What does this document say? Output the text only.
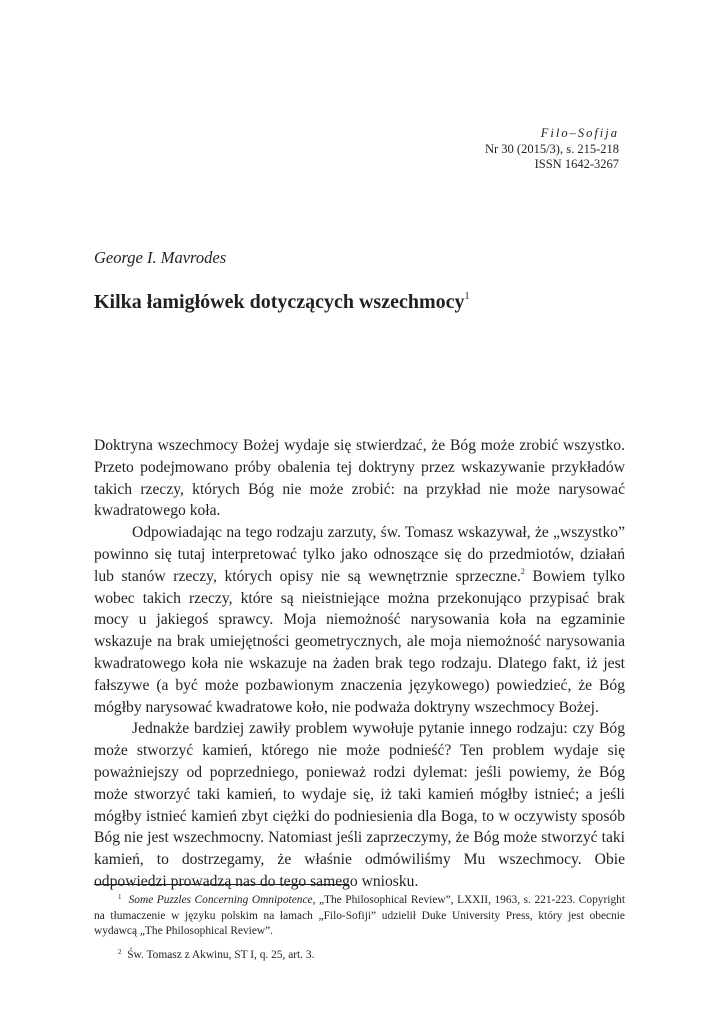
Filo–Sofija
Nr 30 (2015/3), s. 215-218
ISSN 1642-3267
George I. Mavrodes
Kilka łamigłówek dotyczących wszechmocy$^1$

Doktryna wszechmocy Bożej wydaje się stwierdzać, że Bóg może zrobić wszystko. Przeto podejmowano próby obalenia tej doktryny przez wskazywanie przykładów takich rzeczy, których Bóg nie może zrobić: na przykład nie może narysować kwadratowego koła.

Odpowiadając na tego rodzaju zarzuty, św. Tomasz wskazywał, że „wszystko” powinno się tutaj interpretować tylko jako odnoszące się do przedmiotów, działań lub stanów rzeczy, których opisy nie są wewnętrznie sprzeczne.$^2$ Bowiem tylko wobec takich rzeczy, które są nieistniejące można przekonująco przypisać brak mocy u jakiegoś sprawcy. Moja niemożność narysowania koła na egzaminie wskazuje na brak umiejętności geometrycznych, ale moja niemożność narysowania kwadratowego koła nie wskazuje na żaden brak tego rodzaju. Dlatego fakt, iż jest fałszywe (a być może pozbawionym znaczenia językowego) powiedzieć, że Bóg mógłby narysować kwadratowe koło, nie podważa doktryny wszechmocy Bożej.

Jednakże bardziej zawiły problem wywołuje pytanie innego rodzaju: czy Bóg może stworzyć kamień, którego nie może podnieść? Ten problem wydaje się poważniejszy od poprzedniego, ponieważ rodzi dylemat: jeśli powiemy, że Bóg może stworzyć taki kamień, to wydaje się, iż taki kamień mógłby istnieć; a jeśli mógłby istnieć kamień zbyt ciężki do podniesienia dla Boga, to w oczywisty sposób Bóg nie jest wszechmocny. Natomiast jeśli zaprzeczymy, że Bóg może stworzyć taki kamień, to dostrzegamy, że właśnie odmówiliśmy Mu wszechmocy. Obie odpowiedzi prowadzą nas do tego samego wniosku.

$^1$ Some Puzzles Concerning Omnipotence, „The Philosophical Review”, LXXII, 1963, s. 221-223. Copyright na tłumaczenie w języku polskim na łamach „Filo-Sofiji” udzielił Duke University Press, który jest obecnie wydawcą „The Philosophical Review”.
$^2$ Św. Tomasz z Akwinu, ST I, q. 25, art. 3.
